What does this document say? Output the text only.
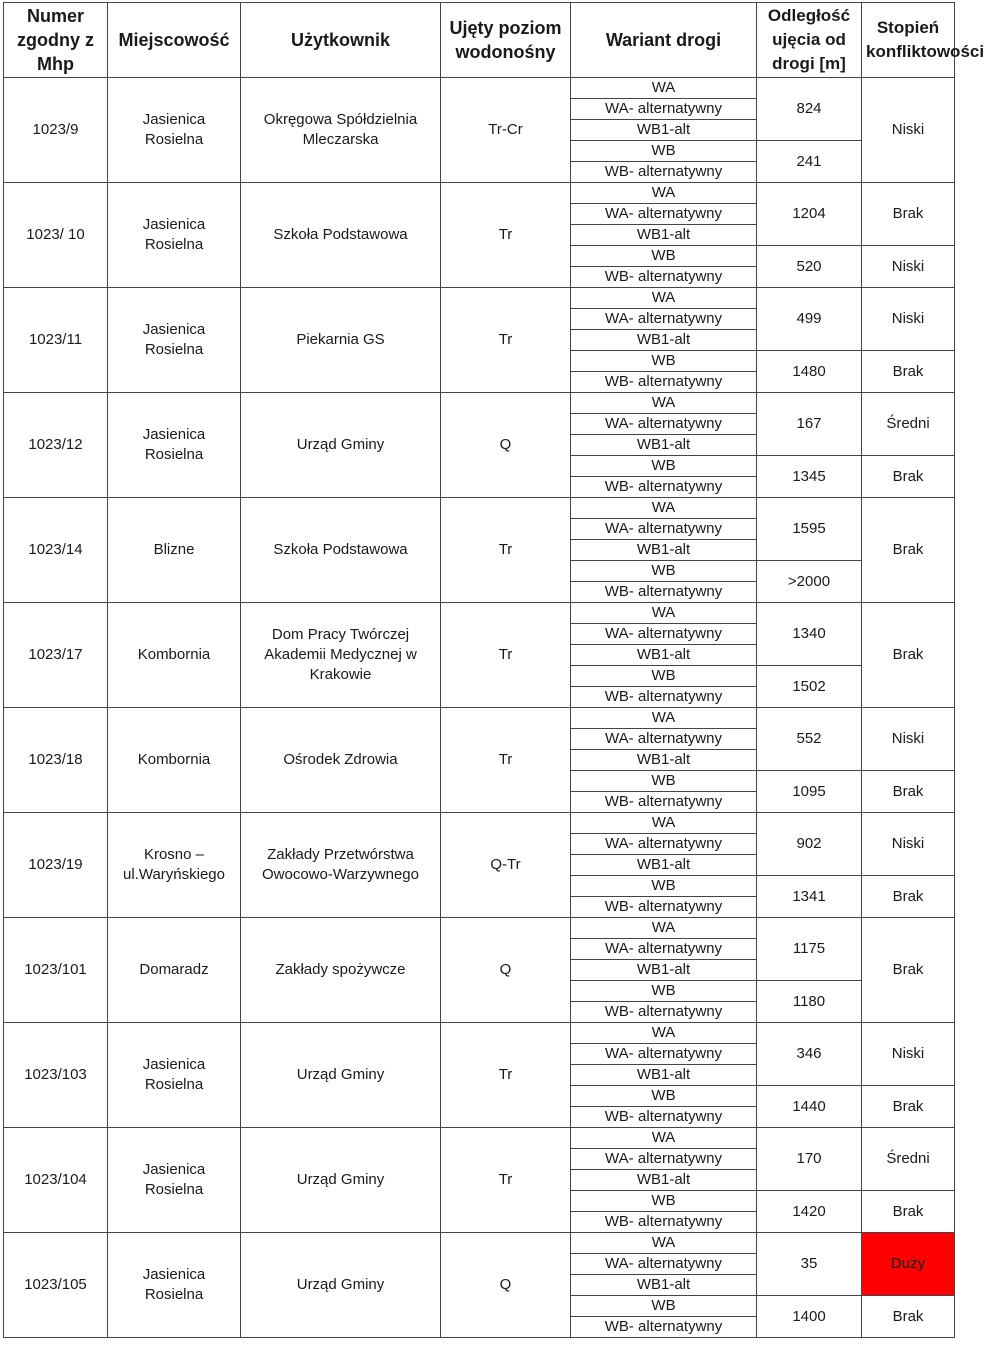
Numer zgodny z Mhp	Miejscowość	Użytkownik	Ujęty poziom wodonośny	Wariant drogi	Odległość ujęcia od drogi [m]	Stopień konfliktowości
1023/9	Jasienica Rosielna	Okręgowa Spółdzielnia Mleczarska	Tr-Cr	WA	824	Niski
				WA- alternatywny		
				WB1-alt		
				WB	241	
				WB- alternatywny		
1023/ 10	Jasienica Rosielna	Szkoła Podstawowa	Tr	WA	1204	Brak
				WA- alternatywny		
				WB1-alt		
				WB	520	Niski
				WB- alternatywny		
1023/11	Jasienica Rosielna	Piekarnia GS	Tr	WA	499	Niski
				WA- alternatywny		
				WB1-alt		
				WB	1480	Brak
				WB- alternatywny		
1023/12	Jasienica Rosielna	Urząd Gminy	Q	WA	167	Średni
				WA- alternatywny		
				WB1-alt		
				WB	1345	Brak
				WB- alternatywny		
1023/14	Blizne	Szkoła Podstawowa	Tr	WA	1595	Brak
				WA- alternatywny		
				WB1-alt		
				WB	>2000	
				WB- alternatywny		
1023/17	Kombornia	Dom Pracy Twórczej Akademii Medycznej w Krakowie	Tr	WA	1340	Brak
				WA- alternatywny		
				WB1-alt		
				WB	1502	
				WB- alternatywny		
1023/18	Kombornia	Ośrodek Zdrowia	Tr	WA	552	Niski
				WA- alternatywny		
				WB1-alt		
				WB	1095	Brak
				WB- alternatywny		
1023/19	Krosno – ul.Waryńskiego	Zakłady Przetwórstwa Owocowo-Warzywnego	Q-Tr	WA	902	Niski
				WA- alternatywny		
				WB1-alt		
				WB	1341	Brak
				WB- alternatywny		
1023/101	Domaradz	Zakłady spożywcze	Q	WA	1175	Brak
				WA- alternatywny		
				WB1-alt		
				WB	1180	
				WB- alternatywny		
1023/103	Jasienica Rosielna	Urząd Gminy	Tr	WA	346	Niski
				WA- alternatywny		
				WB1-alt		
				WB	1440	Brak
				WB- alternatywny		
1023/104	Jasienica Rosielna	Urząd Gminy	Tr	WA	170	Średni
				WA- alternatywny		
				WB1-alt		
				WB	1420	Brak
				WB- alternatywny		
1023/105	Jasienica Rosielna	Urząd Gminy	Q	WA	35	Duży
				WA- alternatywny		
				WB1-alt		
				WB	1400	Brak
				WB- alternatywny		
